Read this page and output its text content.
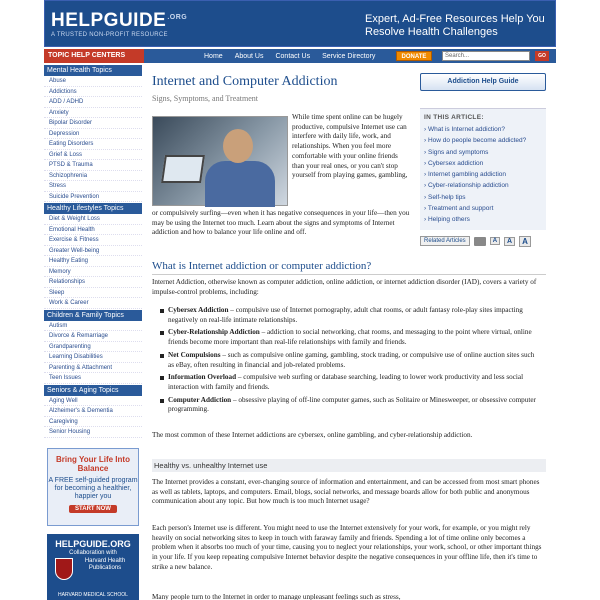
$HELPGUIDE^{.ORG}$
A TRUSTED NON-PROFIT RESOURCE
Expert, Ad-Free Resources Help You Resolve Health Challenges
TOPIC HELP CENTERS	Home About Us Contact Us Service Directory	DONATE	Search...	GO
Mental Health Topics
Abuse
Addictions
ADD / ADHD
Anxiety
Bipolar Disorder
Depression
Eating Disorders
Grief & Loss
PTSD & Trauma
Schizophrenia
Stress
Suicide Prevention
Healthy Lifestyles Topics
Diet & Weight Loss
Emotional Health
Exercise & Fitness
Greater Well-being
Healthy Eating
Memory
Relationships
Sleep
Work & Career
Children & Family Topics
Autism
Divorce & Remarriage
Grandparenting
Learning Disabilities
Parenting & Attachment
Teen Issues
Seniors & Aging Topics
Aging Well
Alzheimer's & Dementia
Caregiving
Senior Housing
Bring Your Life Into Balance
A FREE self-guided program for becoming a healthier, happier you
START NOW
HELPGUIDE.ORG
Collaboration with
Harvard Health Publications
HARVARD MEDICAL SCHOOL
Internet and Computer Addiction
Signs, Symptoms, and Treatment
While time spent online can be hugely productive, compulsive Internet use can interfere with daily life, work, and relationships. When you feel more comfortable with your online friends than your real ones, or you can't stop yourself from playing games, gambling,
or compulsively surfing—even when it has negative consequences in your life—then you may be using the Internet too much. Learn about the signs and symptoms of Internet addiction and how to balance your life online and off.
Addiction Help Guide
IN THIS ARTICLE:
› What is Internet addiction?
› How do people become addicted?
› Signs and symptoms
› Cybersex addiction
› Internet gambling addiction
› Cyber-relationship addiction
› Self-help tips
› Treatment and support
› Helping others
Related Articles	A	A	A
What is Internet addiction or computer addiction?
Internet Addiction, otherwise known as computer addiction, online addiction, or internet addiction disorder (IAD), covers a variety of impulse-control problems, including:
Cybersex Addiction – compulsive use of Internet pornography, adult chat rooms, or adult fantasy role-play sites impacting negatively on real-life intimate relationships.
Cyber-Relationship Addiction – addiction to social networking, chat rooms, and messaging to the point where virtual, online friends become more important than real-life relationships with family and friends.
Net Compulsions – such as compulsive online gaming, gambling, stock trading, or compulsive use of online auction sites such as eBay, often resulting in financial and job-related problems.
Information Overload – compulsive web surfing or database searching, leading to lower work productivity and less social interaction with family and friends.
Computer Addiction – obsessive playing of off-line computer games, such as Solitaire or Minesweeper, or obsessive computer programming.
The most common of these Internet addictions are cybersex, online gambling, and cyber-relationship addiction.
Healthy vs. unhealthy Internet use
The Internet provides a constant, ever-changing source of information and entertainment, and can be accessed from most smart phones as well as tablets, laptops, and computers. Email, blogs, social networks, and message boards allow for both public and anonymous communication about any topic. But how much is too much Internet usage?
Each person's Internet use is different. You might need to use the Internet extensively for your work, for example, or you might rely heavily on social networking sites to keep in touch with faraway family and friends. Spending a lot of time online only becomes a problem when it absorbs too much of your time, causing you to neglect your relationships, your work, school, or other important things in your life. If you keep repeating compulsive Internet behavior despite the negative consequences in your offline life, then it's time to strike a new balance.
Many people turn to the Internet in order to manage unpleasant feelings such as stress,
